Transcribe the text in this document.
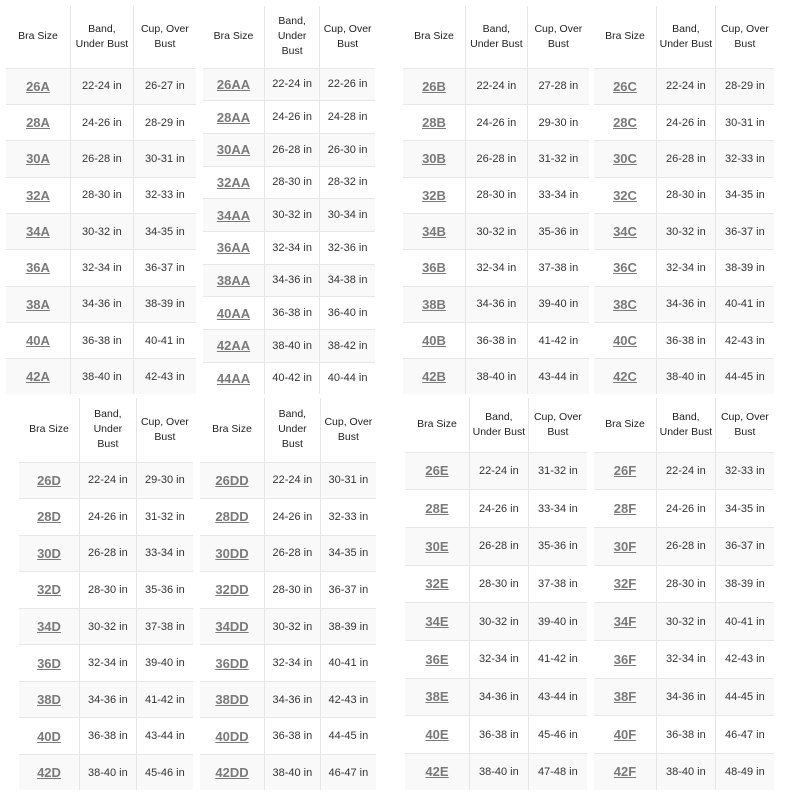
Bra Size	Band, Under Bust	Cup, Over Bust
26A	22-24 in	26-27 in
28A	24-26 in	28-29 in
30A	26-28 in	30-31 in
32A	28-30 in	32-33 in
34A	30-32 in	34-35 in
36A	32-34 in	36-37 in
38A	34-36 in	38-39 in
40A	36-38 in	40-41 in
42A	38-40 in	42-43 in
Bra Size	Band, Under Bust	Cup, Over Bust
26AA	22-24 in	22-26 in
28AA	24-26 in	24-28 in
30AA	26-28 in	26-30 in
32AA	28-30 in	28-32 in
34AA	30-32 in	30-34 in
36AA	32-34 in	32-36 in
38AA	34-36 in	34-38 in
40AA	36-38 in	36-40 in
42AA	38-40 in	38-42 in
44AA	40-42 in	40-44 in
Bra Size	Band, Under Bust	Cup, Over Bust
26B	22-24 in	27-28 in
28B	24-26 in	29-30 in
30B	26-28 in	31-32 in
32B	28-30 in	33-34 in
34B	30-32 in	35-36 in
36B	32-34 in	37-38 in
38B	34-36 in	39-40 in
40B	36-38 in	41-42 in
42B	38-40 in	43-44 in
Bra Size	Band, Under Bust	Cup, Over Bust
26C	22-24 in	28-29 in
28C	24-26 in	30-31 in
30C	26-28 in	32-33 in
32C	28-30 in	34-35 in
34C	30-32 in	36-37 in
36C	32-34 in	38-39 in
38C	34-36 in	40-41 in
40C	36-38 in	42-43 in
42C	38-40 in	44-45 in
Bra Size	Band, Under Bust	Cup, Over Bust
26D	22-24 in	29-30 in
28D	24-26 in	31-32 in
30D	26-28 in	33-34 in
32D	28-30 in	35-36 in
34D	30-32 in	37-38 in
36D	32-34 in	39-40 in
38D	34-36 in	41-42 in
40D	36-38 in	43-44 in
42D	38-40 in	45-46 in
Bra Size	Band, Under Bust	Cup, Over Bust
26DD	22-24 in	30-31 in
28DD	24-26 in	32-33 in
30DD	26-28 in	34-35 in
32DD	28-30 in	36-37 in
34DD	30-32 in	38-39 in
36DD	32-34 in	40-41 in
38DD	34-36 in	42-43 in
40DD	36-38 in	44-45 in
42DD	38-40 in	46-47 in
Bra Size	Band, Under Bust	Cup, Over Bust
26E	22-24 in	31-32 in
28E	24-26 in	33-34 in
30E	26-28 in	35-36 in
32E	28-30 in	37-38 in
34E	30-32 in	39-40 in
36E	32-34 in	41-42 in
38E	34-36 in	43-44 in
40E	36-38 in	45-46 in
42E	38-40 in	47-48 in
Bra Size	Band, Under Bust	Cup, Over Bust
26F	22-24 in	32-33 in
28F	24-26 in	34-35 in
30F	26-28 in	36-37 in
32F	28-30 in	38-39 in
34F	30-32 in	40-41 in
36F	32-34 in	42-43 in
38F	34-36 in	44-45 in
40F	36-38 in	46-47 in
42F	38-40 in	48-49 in
